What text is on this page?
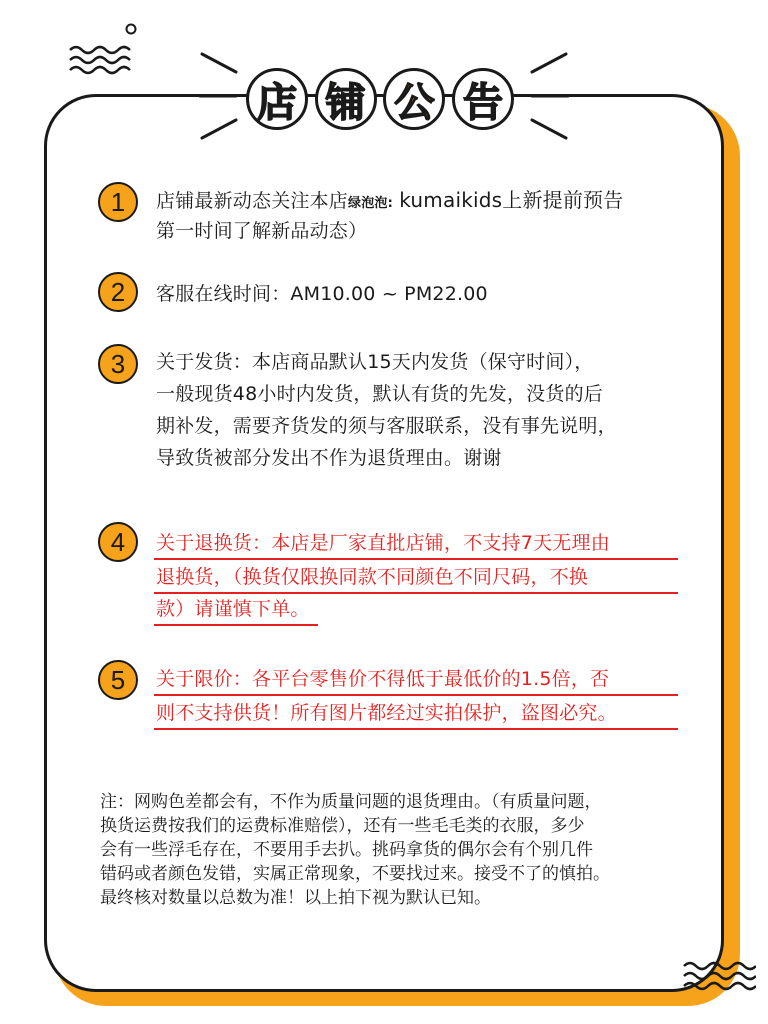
店 铺 公 告
1	店铺最新动态关注本店绿泡泡: kumaikids上新提前预告
第一时间了解新品动态）
2	客服在线时间：AM10.00 ~ PM22.00
3	关于发货：本店商品默认15天内发货（保守时间），
一般现货48小时内发货，默认有货的先发，没货的后
期补发，需要齐货发的须与客服联系，没有事先说明，
导致货被部分发出不作为退货理由。谢谢
4	关于退换货：本店是厂家直批店铺，不支持7天无理由
退换货，（换货仅限换同款不同颜色不同尺码，不换
款）请谨慎下单。
5	关于限价：各平台零售价不得低于最低价的1.5倍，否
则不支持供货！所有图片都经过实拍保护，盗图必究。
注：网购色差都会有，不作为质量问题的退货理由。（有质量问题，
换货运费按我们的运费标准赔偿），还有一些毛毛类的衣服，多少
会有一些浮毛存在，不要用手去扒。挑码拿货的偶尔会有个别几件
错码或者颜色发错，实属正常现象，不要找过来。接受不了的慎拍。
最终核对数量以总数为准！以上拍下视为默认已知。
